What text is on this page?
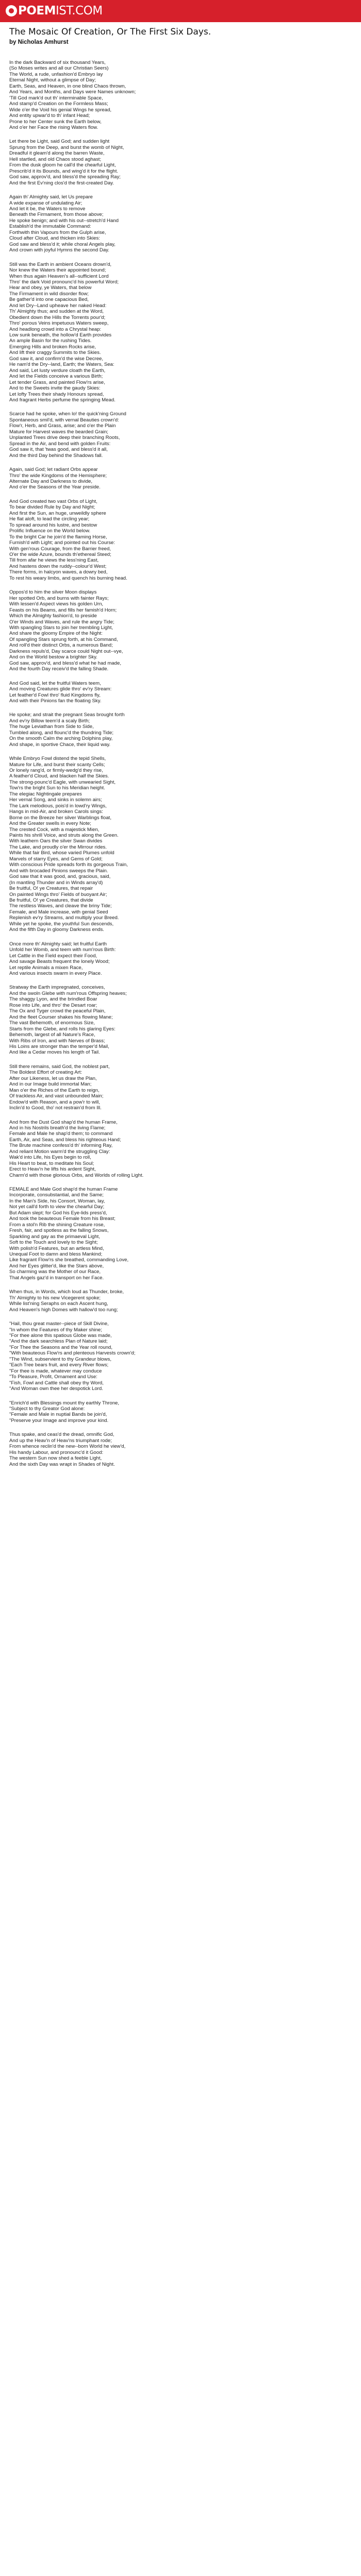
POEM IST.COM
The Mosaic Of Creation, Or The First Six Days.

by Nicholas Amhurst

In the dark Backward of six thousand Years,
(So Moses writes and all our Christian Seers)
The World, a rude, unfashion'd Embryo lay
Eternal Night, without a glimpse of Day;
Earth, Seas, and Heaven, in one blind Chaos thrown,
And Years, and Months, and Days were Names unknown;
'Till God mark'd out th' interminable Space,
And stamp'd Creation on the Formless Mass;
Wide o'er the Void his genial Wings he spread,
And entity upwar'd to th' infant Head;
Prone to her Center sunk the Earth below,
And o'er her Face the rising Waters flow.
Let there be Light, said God; and sudden light
Sprung from the Deep, and burst the womb of Night,
Dreadful it gleam'd along the barren Waste,
Hell startled, and old Chaos stood aghast;
From the dusk gloom he call'd the chearful Light,
Prescrib'd it its Bounds, and wing'd it for the flight.
God saw, approv'd, and bless'd the spreading Ray;
And the first Ev'ning clos'd the first-created Day.
Again th' Almighty said, let Us prepare
A wide expanse of undulating Air;
And let it be, the Waters to remove
Beneath the Firmament, from those above;
He spoke benign; and with his out--stretch'd Hand
Establish'd the immutable Command:
Forthwith thin Vapours from the Gulph arise,
Cloud after Cloud, and thicken into Skies:
God saw and bless'd it; while choral Angels play,
And crown with joyful Hymns the second Day.
Still was the Earth in ambient Oceans drown'd,
Nor knew the Waters their appointed bound;
When thus again Heaven's all--sufficient Lord
Thro' the dark Void pronounc'd his powerful Word;
Hear and obey, ye Waters, that below
The Firmament in wild disorder flow;
Be gather'd into one capacious Bed,
And let Dry--Land upheave her naked Head:
Th' Almighty thus; and sudden at the Word,
Obedient down the Hills the Torrents pour'd;
Thro' porous Veins impetuous Waters sweep,
And headlong crowd into a Chrystal heap:
Low sunk beneath, the hollow'd Earth provides
An ample Basin for the rushing Tides.
Emerging Hills and broken Rocks arise,
And lift their craggy Summits to the Skies.
God saw it, and confirm'd the wise Decree,
He nam'd the Dry--land, Earth; the Waters, Sea:
And said, Let lusty verdure cloath the Earth,
And let the Fields conceive a various Birth;
Let tender Grass, and painted Flow'rs arise,
And to the Sweets invite the gaudy Skies:
Let lofty Trees their shady Honours spread,
And fragrant Herbs perfume the springing Mead.
Scarce had he spoke, when lo! the quick'ning Ground
Spontaneous smil'd, with vernal Beauties crown'd:
Flow'r, Herb, and Grass, arise; and o'er the Plain
Mature for Harvest waves the bearded Grain;
Unplanted Trees drive deep their branching Roots,
Spread in the Air, and bend with golden Fruits:
God saw it, that 'twas good, and bless'd it all,
And the third Day behind the Shadows fall.
Again, said God; let radiant Orbs appear
Thro' the wide Kingdoms of the Hemisphere;
Alternate Day and Darkness to divide,
And o'er the Seasons of the Year preside.
And God created two vast Orbs of Light,
To bear divided Rule by Day and Night;
And first the Sun, an huge, unweildly sphere
He flat aloft, to lead the circling year;
To spread around his lustre, and bestow
Prolific Influence on the World below.
To the bright Car he join'd the flaming Horse,
Furnish'd with Light; and pointed out his Course:
With gen'rous Courage, from the Barrier freed,
O'er the wide Azure, bounds th'ethereal Steed;
Till from afar he views the less'ning East,
And hastens down the ruddy--colour'd West;
There forms, in halcyon waves, a dowry bed,
To rest his weary limbs, and quench his burning head.
Oppos'd to him the silver Moon displays
Her spotted Orb, and burns with fainter Rays;
With lessen'd Aspect views his golden Urn,
Feasts on his Beams, and fills her famish'd Horn;
Which the Almighty fashion'd, to preside
O'er Winds and Waves, and rule the angry Tide;
With spangling Stars to join her trembling Light,
And share the gloomy Empire of the Night:
Of spangling Stars sprung forth, at his Command,
And roll'd their distinct Orbs, a numerous Band;
Darkness repuls'd, Day scarce could Night out--vye,
And on the World bestow a brighter Sky.
God saw, approv'd, and bless'd what he had made,
And the fourth Day receiv'd the falling Shade.
And God said, let the fruitful Waters teem,
And moving Creatures glide thro' ev'ry Stream:
Let feather'd Fowl thro' fluid Kingdoms fly,
And with their Pinions fan the floating Sky.
He spoke; and strait the pregnant Seas brought forth
And ev'ry Billow teem'd a scaly Birth;
The huge Leviathan from Side to Side,
Tumbled along, and flounc'd the thundring Tide;
On the smooth Calm the arching Dolphins play,
And shape, in sportive Chace, their liquid way.
While Embryo Fowl distend the tepid Shells,
Mature for Life, and burst their scanty Cells;
Or lonely rang'd, or firmly-wedg'd they rise,
A feather'd Cloud, and blacken half the Skies.
The strong-pounc'd Eagle, with unwearied Sight,
Tow'rs the bright Sun to his Meridian height.
The elegiac Nightingale prepares
Her vernal Song, and sinks in solemn airs;
The Lark melodious, pois'd in lowd'ry Wings,
Hangs in mid-Air, and broken Carols sings:
Borne on the Breeze her silver Warblings float,
And the Greater swells in every Note;
The crested Cock, with a majestick Mien,
Paints his shrill Voice, and struts along the Green.
With leathern Oars the silver Swan divides
The Lake, and proudly o'er the Mirrour rides.
While that fair Bird, whose varied Plumes unfold
Marvels of starry Eyes, and Gems of Gold;
With conscious Pride spreads forth its gorgeous Train,
And with brocaded Pinions sweeps the Plain.
God saw that it was good, and, gracious, said,
(In mantling Thunder and in Winds array'd)
Be fruitful, O! ye Creatures, that repair
On painted Wings thro' Fields of buoyant Air;
Be fruitful, O! ye Creatures, that divide
The restless Waves, and cleave the briny Tide;
Female, and Male increase, with genial Seed
Replenish ev'ry Streams, and multiply your Breed.
While yet he spoke, the youthful Sun descends,
And the fifth Day in gloomy Darkness ends.
Once more th' Almighty said; let fruitful Earth
Unfold her Womb, and teem with num'rous Birth:
Let Cattle in the Field expect their Food,
And savage Beasts frequent the lonely Wood;
Let reptile Animals a mixen Race,
And various insects swarm in every Place.
Stratway the Earth impregnated, conceives,
And the swoln Glebe with num'rous Offspring heaves;
The shaggy Lyon, and the brindled Boar
Rose into Life, and thro' the Desart roar;
The Ox and Tyger crowd the peaceful Plain,
And the fleet Courser shakes his flowing Mane;
The vast Behemoth, of enormous Size,
Starts from the Glebe, and rolls his glaring Eyes:
Behemoth, largest of all Nature's Race,
With Ribs of Iron, and with Nerves of Brass;
His Loins are stronger than the temper'd Mail,
And like a Cedar moves his length of Tail.
Still there remains, said God, the noblest part,
The Boldest Effort of creating Art:
After our Likeness, let us draw the Plan,
And in our Image build immortal Man;
Man o'er the Riches of the Earth to reign,
Of trackless Air, and vast unbounded Main;
Endow'd with Reason, and a pow'r to will,
Inclin'd to Good, tho' not restrain'd from Ill.
And from the Dust God shap'd the human Frame,
And in his Nostrils breath'd the living Flame;
Female and Male he shap'd them; to command
Earth, Air, and Seas, and bless his righteous Hand;
The Brute machine confess'd th' informing Ray,
And reliant Motion warm'd the struggling Clay:
Wak'd into Life, his Eyes begin to roll,
His Heart to beat, to meditate his Soul;
Erect to Heav'n he lifts his ardent Sight,
Charm'd with those glorious Orbs, and Worlds of rolling Light.
FEMALE and Male God shap'd the human Frame
Incorporate, consubstantial, and the Same;
In the Man's Side, his Consort, Woman, lay,
Not yet call'd forth to view the chearful Day;
But Adam slept; for God his Eye-lids press'd,
And took the beauteous Female from his Breast;
From a stol'n Rib the shining Creature rose,
Fresh, fair, and spotless as the falling Snows,
Sparkling and gay as the primaeval Light,
Soft to the Touch and lovely to the Sight;
With polish'd Features, but an artless Mind,
Unequal Foot to damn and bless Mankind;
Like fragrant Flow'rs she breathed, commanding Love,
And her Eyes glitter'd, like the Stars above,
So charming was the Mother of our Race,
That Angels gaz'd in transport on her Face.
When thus, in Words, which loud as Thunder, broke,
Th' Almighty to his new Vicegerent spoke;
While list'ning Seraphs on each Ascent hung,
And Heaven's high Domes with hallow'd too rung;
"Hail, thou great master--piece of Skill Divine,
"In whom the Features of thy Maker shine;
"For thee alone this spatious Globe was made,
"And the dark searchless Plan of Nature laid;
"For Thee the Seasons and the Year roll round,
"With beauteous Flow'rs and plenteous Harvests crown'd;
"The Wind, subservient to thy Grandeur blows,
"Each Tree bears fruit, and every River flows;
"For thee is made, whatever may conduce
"To Pleasure, Profit, Ornament and Use:
"Fish, Fowl and Cattle shall obey thy Word,
"And Woman own thee her despotick Lord.
"Enrich'd with Blessings mount thy earthly Throne,
"Subject to thy Greator God alone:
"Female and Male in nuptial Bands be join'd,
"Preserve your Image and improve your kind.
Thus spake, and ceas'd the dread, omnific God,
And up the Heav'n of Heav'ns triumphant rode;
From whence reclin'd the new--born World he view'd,
His handy Labour, and pronounc'd it Good:
The western Sun now shed a feeble Light,
And the sixth Day was wrapt in Shades of Night.
